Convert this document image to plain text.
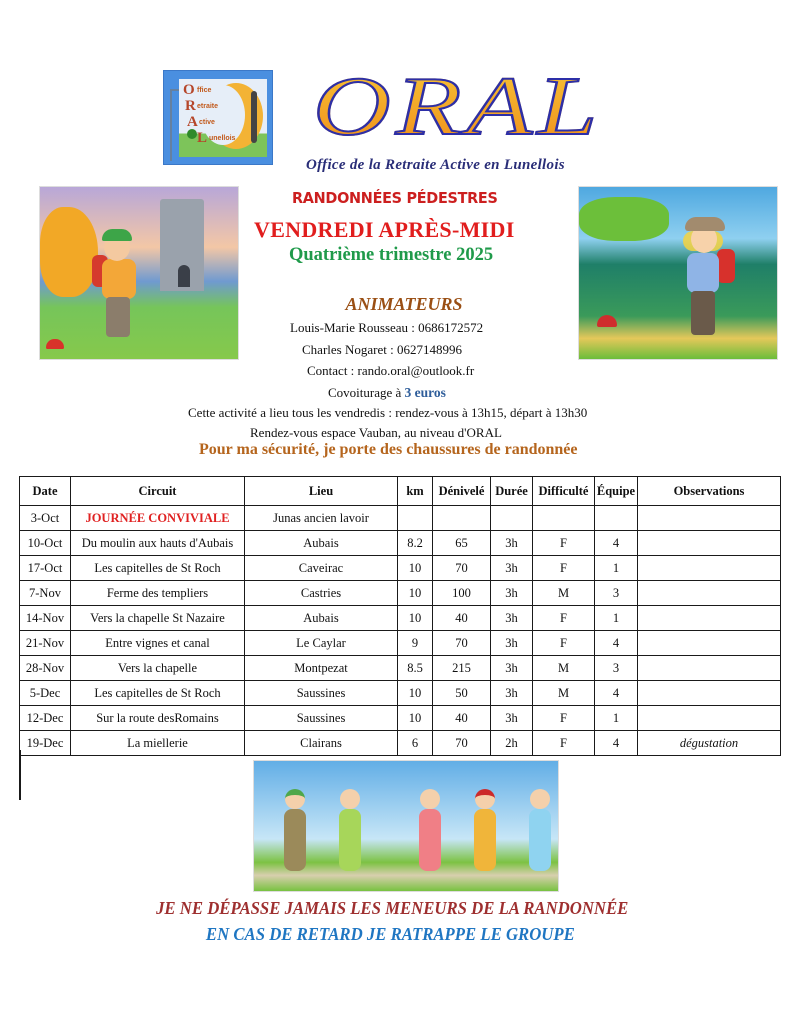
O ffice
R etraite
A ctive
L unellois ORAL
Office de la Retraite Active en Lunellois
RANDONNÉES PÉDESTRES
VENDREDI APRÈS-MIDI
Quatrième trimestre 2025
ANIMATEURS
Louis-Marie Rousseau : 0686172572
Charles Nogaret : 0627148996
Contact : rando.oral@outlook.fr
Covoiturage à 3 euros
Cette activité a lieu tous les vendredis : rendez-vous à 13h15, départ à 13h30
Rendez-vous espace Vauban, au niveau d'ORAL
Pour ma sécurité, je porte des chaussures de randonnée
Date	Circuit	Lieu	km	Dénivelé	Durée	Difficulté	Équipe	Observations
3-Oct	JOURNÉE CONVIVIALE	Junas ancien lavoir						
10-Oct	Du moulin aux hauts d'Aubais	Aubais	8.2	65	3h	F	4	
17-Oct	Les capitelles de St Roch	Caveirac	10	70	3h	F	1	
7-Nov	Ferme des templiers	Castries	10	100	3h	M	3	
14-Nov	Vers la chapelle St Nazaire	Aubais	10	40	3h	F	1	
21-Nov	Entre vignes et canal	Le Caylar	9	70	3h	F	4	
28-Nov	Vers la chapelle	Montpezat	8.5	215	3h	M	3	
5-Dec	Les capitelles de St Roch	Saussines	10	50	3h	M	4	
12-Dec	Sur la route desRomains	Saussines	10	40	3h	F	1	
19-Dec	La miellerie	Clairans	6	70	2h	F	4	dégustation
JE NE DÉPASSE JAMAIS LES MENEURS DE LA RANDONNÉE
EN CAS DE RETARD JE RATRAPPE LE GROUPE
